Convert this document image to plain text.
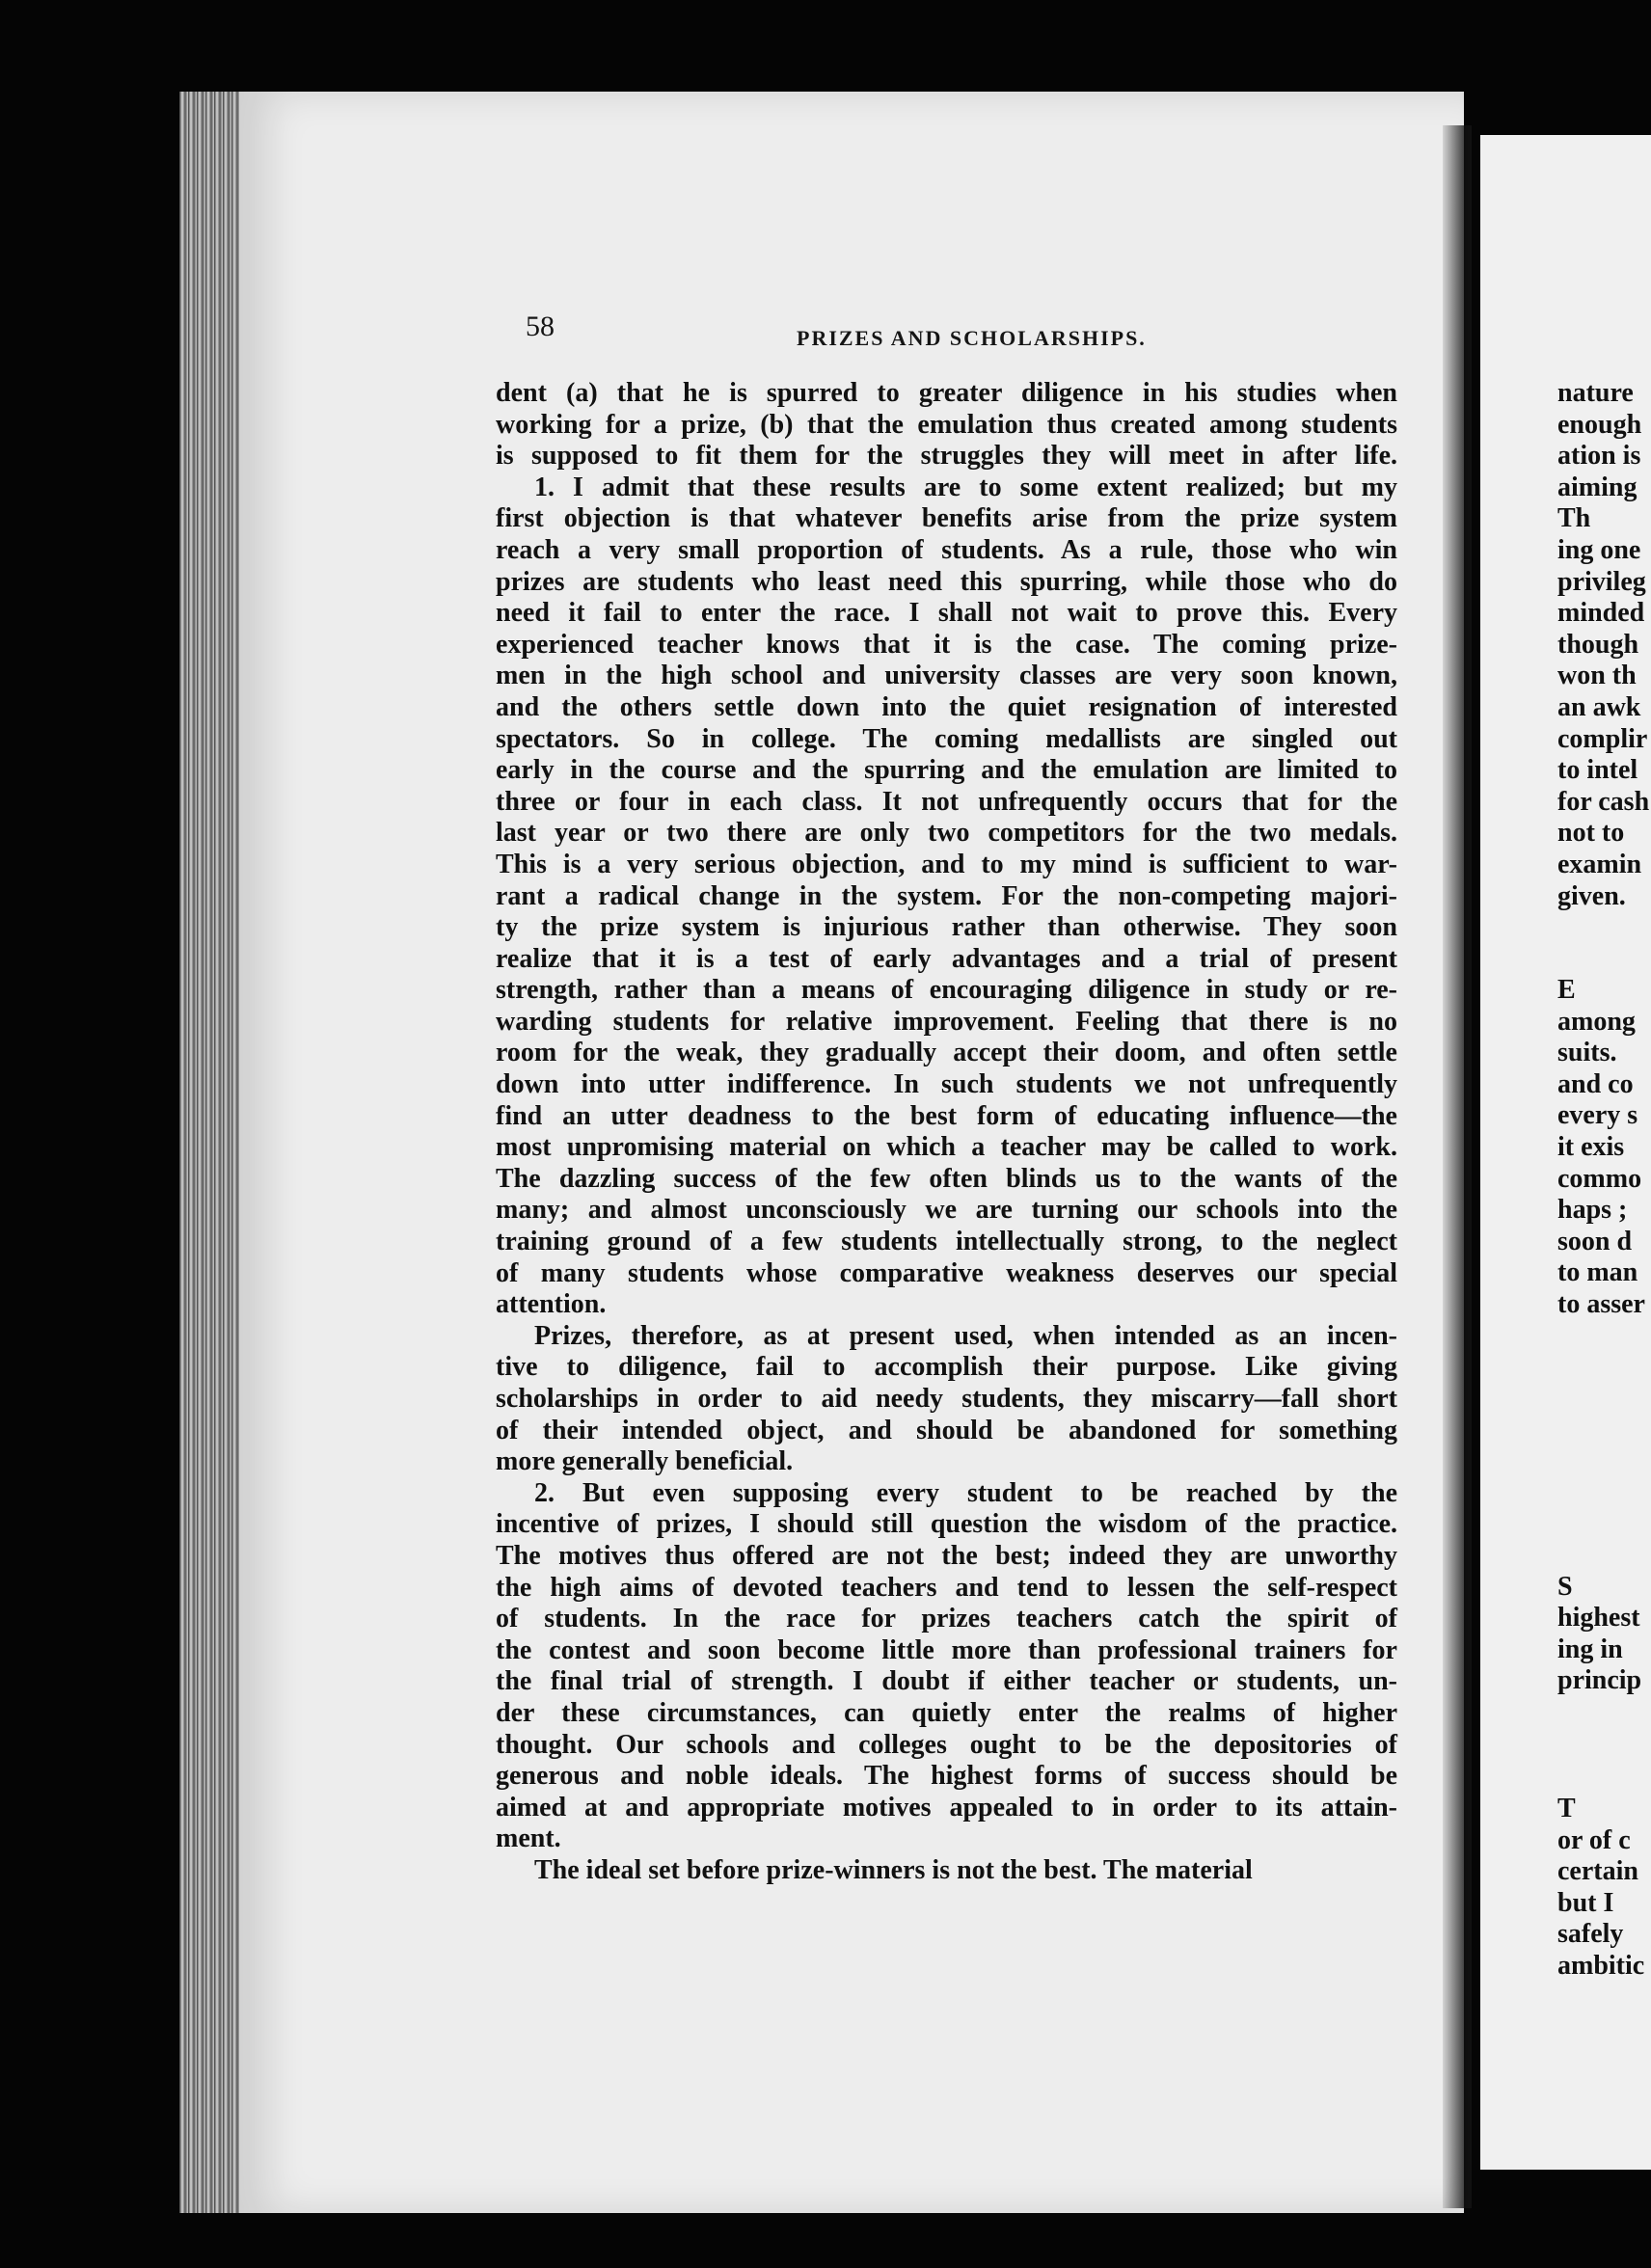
58	PRIZES AND SCHOLARSHIPS.
dent (a) that he is spurred to greater diligence in his studies when
working for a prize, (b) that the emulation thus created among students
is supposed to fit them for the struggles they will meet in after life.
1. I admit that these results are to some extent realized; but my
first objection is that whatever benefits arise from the prize system
reach a very small proportion of students. As a rule, those who win
prizes are students who least need this spurring, while those who do
need it fail to enter the race. I shall not wait to prove this. Every
experienced teacher knows that it is the case. The coming prize-
men in the high school and university classes are very soon known,
and the others settle down into the quiet resignation of interested
spectators. So in college. The coming medallists are singled out
early in the course and the spurring and the emulation are limited to
three or four in each class. It not unfrequently occurs that for the
last year or two there are only two competitors for the two medals.
This is a very serious objection, and to my mind is sufficient to war-
rant a radical change in the system. For the non-competing majori-
ty the prize system is injurious rather than otherwise. They soon
realize that it is a test of early advantages and a trial of present
strength, rather than a means of encouraging diligence in study or re-
warding students for relative improvement. Feeling that there is no
room for the weak, they gradually accept their doom, and often settle
down into utter indifference. In such students we not unfrequently
find an utter deadness to the best form of educating influence—the
most unpromising material on which a teacher may be called to work.
The dazzling success of the few often blinds us to the wants of the
many; and almost unconsciously we are turning our schools into the
training ground of a few students intellectually strong, to the neglect
of many students whose comparative weakness deserves our special
attention.
Prizes, therefore, as at present used, when intended as an incen-
tive to diligence, fail to accomplish their purpose. Like giving
scholarships in order to aid needy students, they miscarry—fall short
of their intended object, and should be abandoned for something
more generally beneficial.
2. But even supposing every student to be reached by the
incentive of prizes, I should still question the wisdom of the practice.
The motives thus offered are not the best; indeed they are unworthy
the high aims of devoted teachers and tend to lessen the self-respect
of students. In the race for prizes teachers catch the spirit of
the contest and soon become little more than professional trainers for
the final trial of strength. I doubt if either teacher or students, un-
der these circumstances, can quietly enter the realms of higher
thought. Our schools and colleges ought to be the depositories of
generous and noble ideals. The highest forms of success should be
aimed at and appropriate motives appealed to in order to its attain-
ment.
The ideal set before prize-winners is not the best. The material
nature
enough
ation is
aiming
Th
ing one
privileg
minded
though
won th
an awk
complir
to intel
for cash
not to
examin
given.
E
among
suits.
and co
every s
it exis
commo
haps ;
soon d
to man
to asser
S
highest
ing in
princip
T
or of c
certain
but I
safely
ambitic
